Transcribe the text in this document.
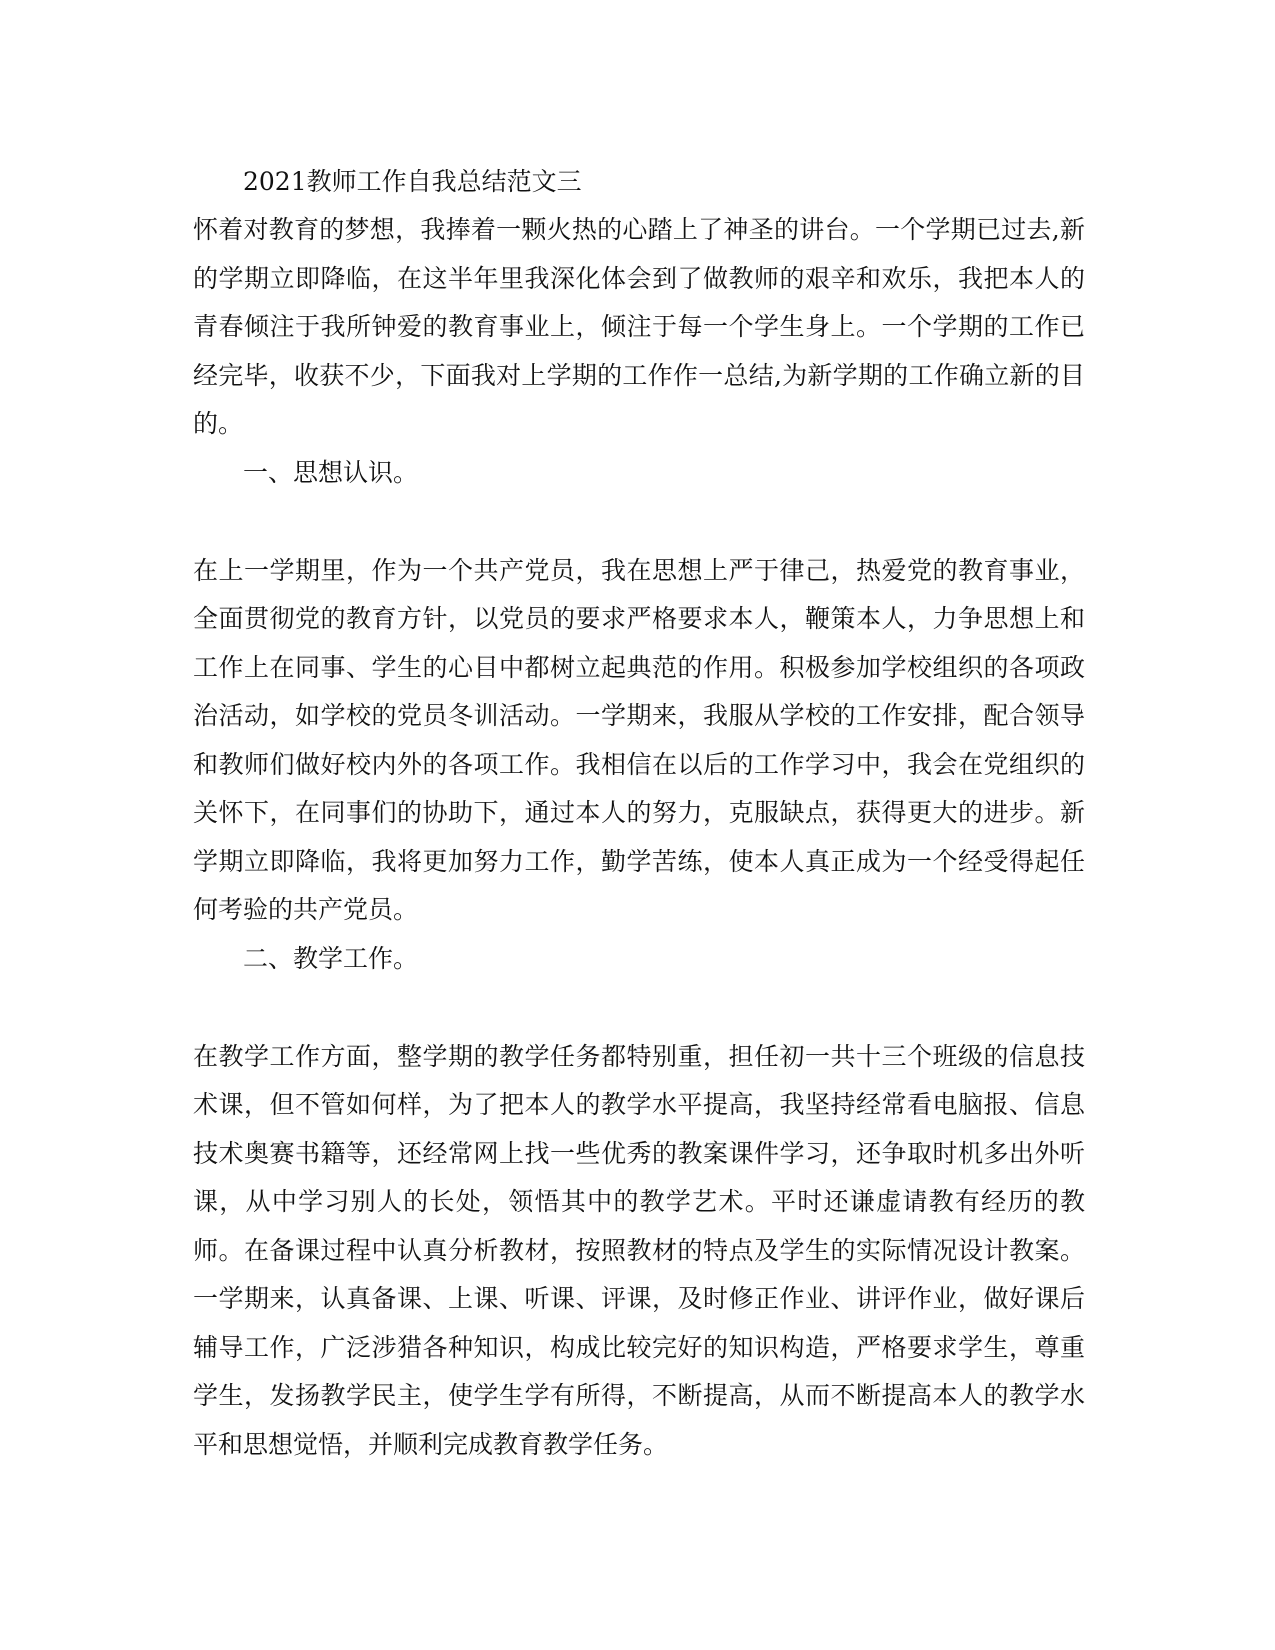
2021教师工作自我总结范文三

怀着对教育的梦想，我捧着一颗火热的心踏上了神圣的讲台。一个学期已过去,新的学期立即降临，在这半年里我深化体会到了做教师的艰辛和欢乐，我把本人的青春倾注于我所钟爱的教育事业上，倾注于每一个学生身上。一个学期的工作已经完毕，收获不少，下面我对上学期的工作作一总结,为新学期的工作确立新的目的。

一、思想认识。

在上一学期里，作为一个共产党员，我在思想上严于律己，热爱党的教育事业，全面贯彻党的教育方针，以党员的要求严格要求本人，鞭策本人，力争思想上和工作上在同事、学生的心目中都树立起典范的作用。积极参加学校组织的各项政治活动，如学校的党员冬训活动。一学期来，我服从学校的工作安排，配合领导和教师们做好校内外的各项工作。我相信在以后的工作学习中，我会在党组织的关怀下，在同事们的协助下，通过本人的努力，克服缺点，获得更大的进步。新学期立即降临，我将更加努力工作，勤学苦练，使本人真正成为一个经受得起任何考验的共产党员。

二、教学工作。

在教学工作方面，整学期的教学任务都特别重，担任初一共十三个班级的信息技术课，但不管如何样，为了把本人的教学水平提高，我坚持经常看电脑报、信息技术奥赛书籍等，还经常网上找一些优秀的教案课件学习，还争取时机多出外听课，从中学习别人的长处，领悟其中的教学艺术。平时还谦虚请教有经历的教师。在备课过程中认真分析教材，按照教材的特点及学生的实际情况设计教案。一学期来，认真备课、上课、听课、评课，及时修正作业、讲评作业，做好课后辅导工作，广泛涉猎各种知识，构成比较完好的知识构造，严格要求学生，尊重学生，发扬教学民主，使学生学有所得，不断提高，从而不断提高本人的教学水平和思想觉悟，并顺利完成教育教学任务。
